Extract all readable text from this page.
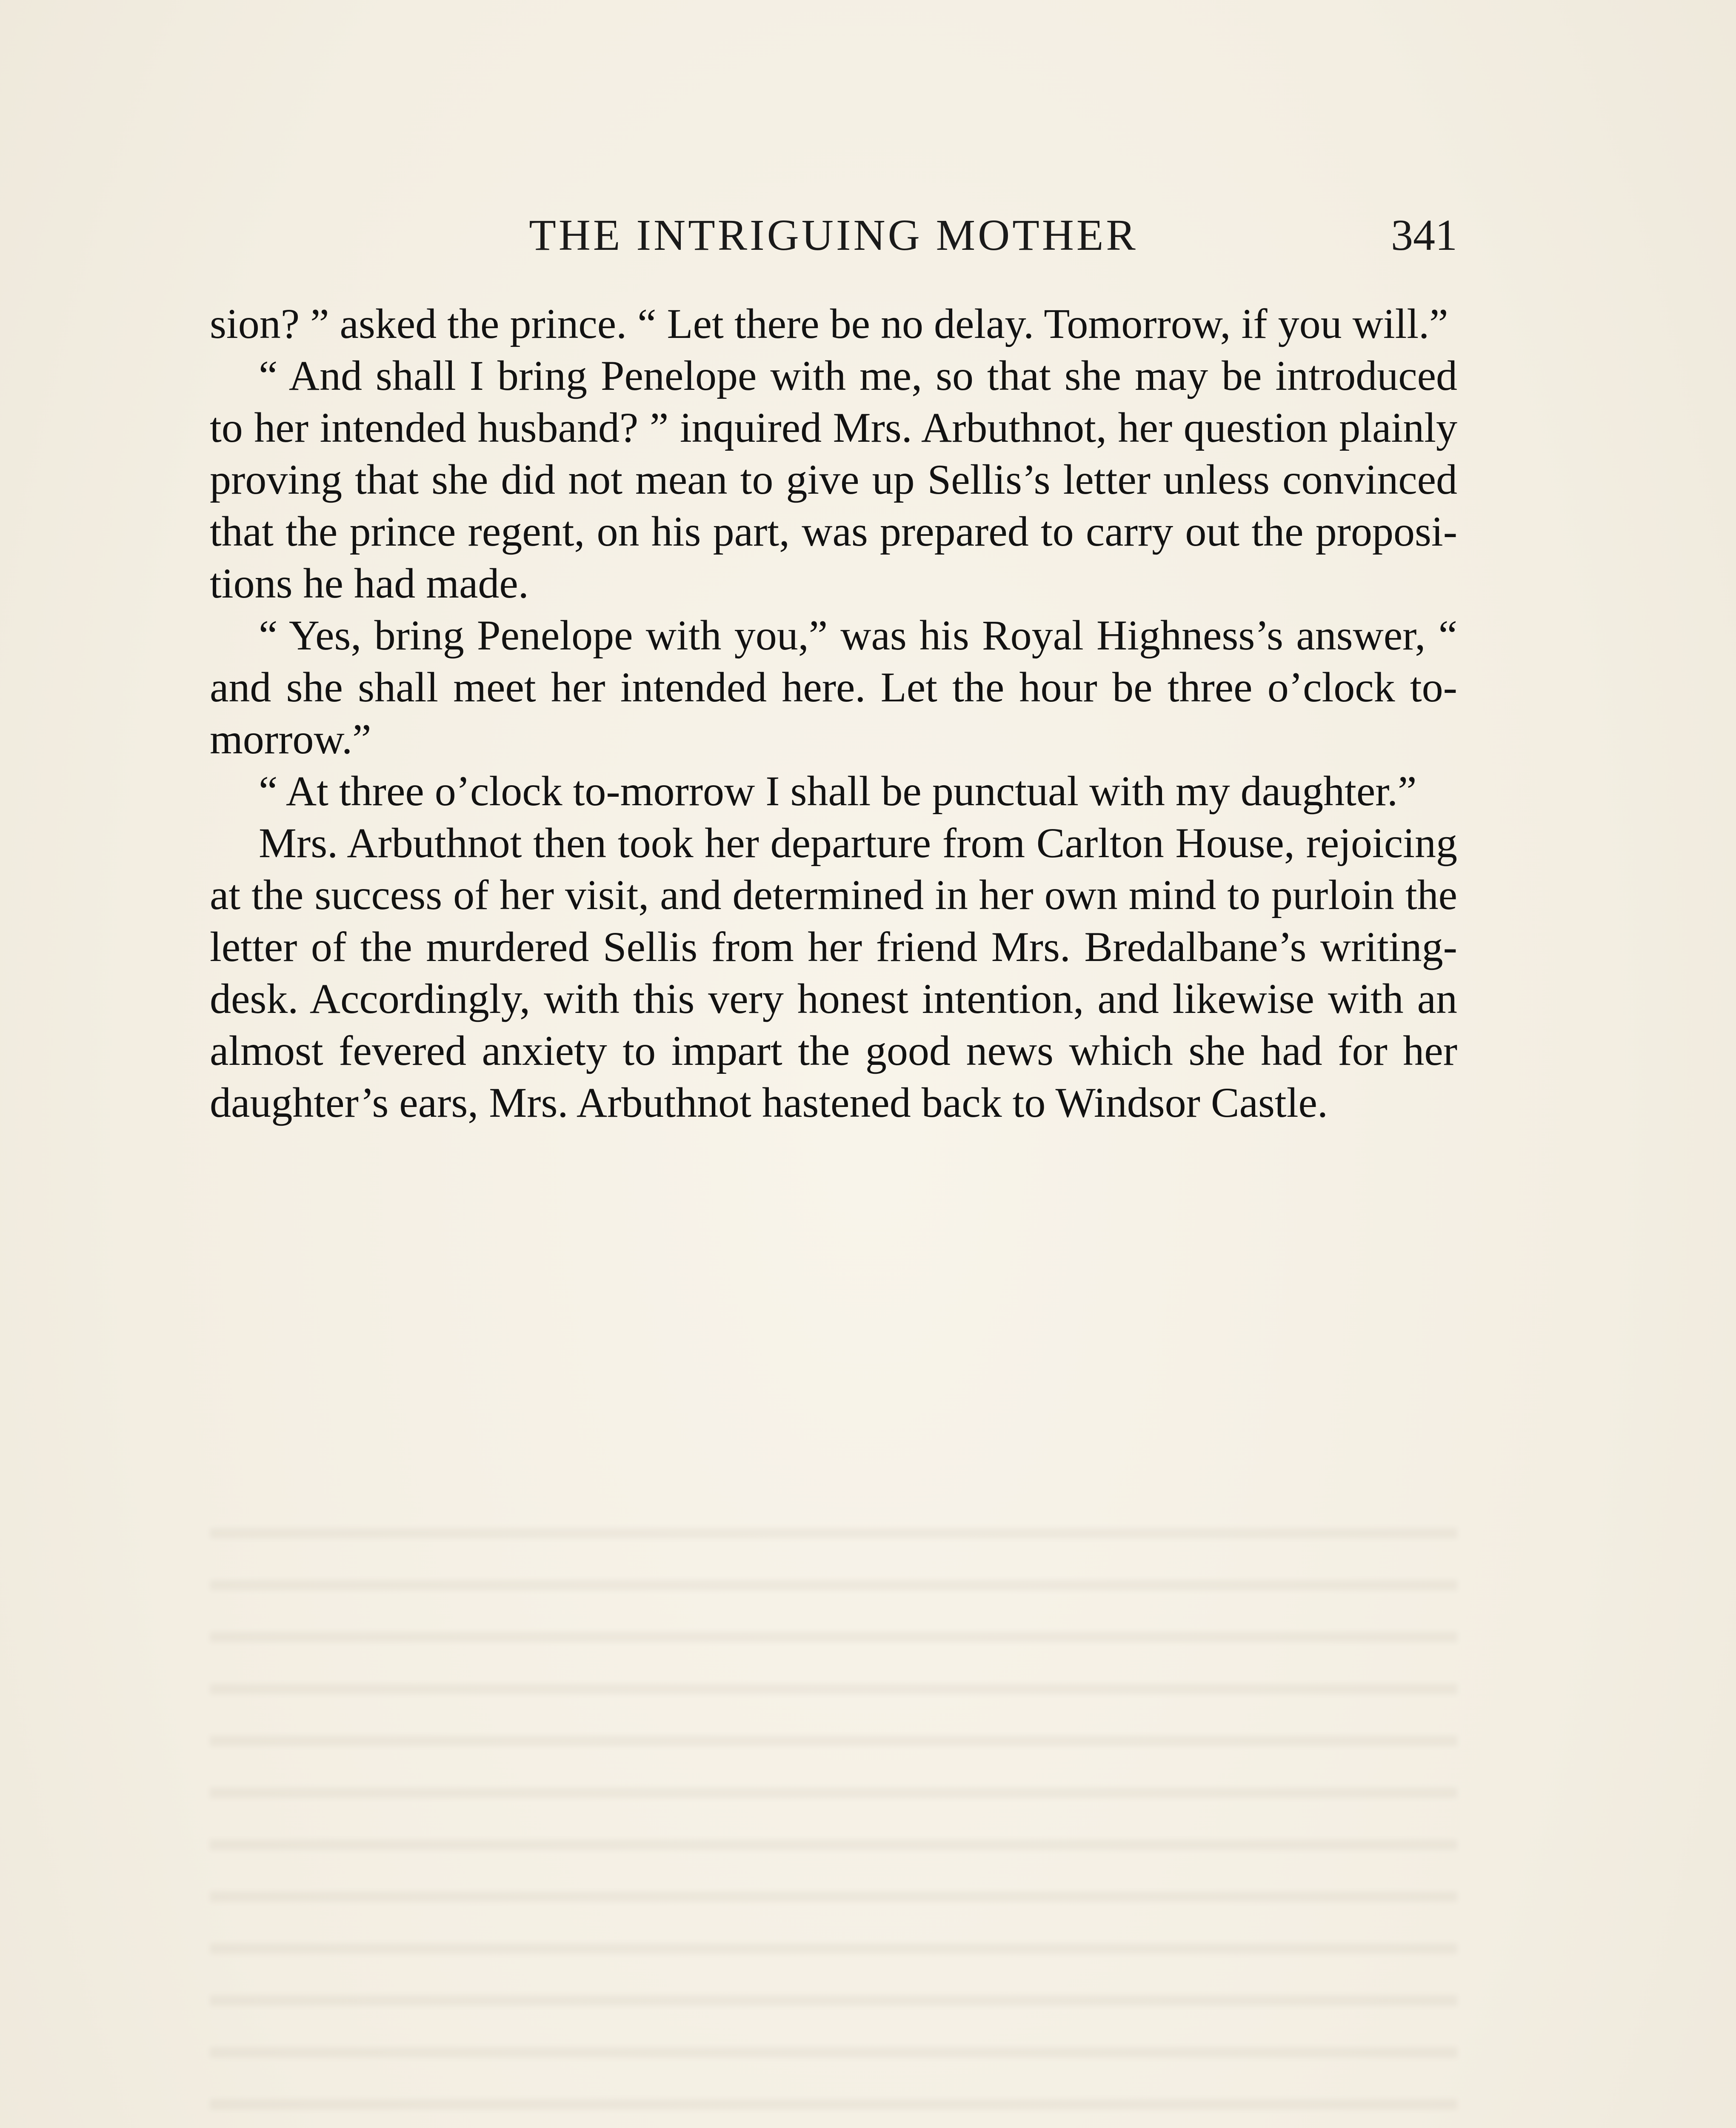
THE INTRIGUING MOTHER	341

sion? ” asked the prince. “ Let there be no delay. Tomorrow, if you will.”

“ And shall I bring Penelope with me, so that she may be introduced to her intended husband? ” inquired Mrs. Arbuthnot, her question plainly proving that she did not mean to give up Sellis’s letter unless convinced that the prince regent, on his part, was prepared to carry out the propositions he had made.

“ Yes, bring Penelope with you,” was his Royal Highness’s answer, “ and she shall meet her intended here. Let the hour be three o’clock to-morrow.”

“ At three o’clock to-morrow I shall be punctual with my daughter.”

Mrs. Arbuthnot then took her departure from Carlton House, rejoicing at the success of her visit, and determined in her own mind to purloin the letter of the murdered Sellis from her friend Mrs. Bredalbane’s writing-desk. Accordingly, with this very honest intention, and likewise with an almost fevered anxiety to impart the good news which she had for her daughter’s ears, Mrs. Arbuthnot hastened back to Windsor Castle.
